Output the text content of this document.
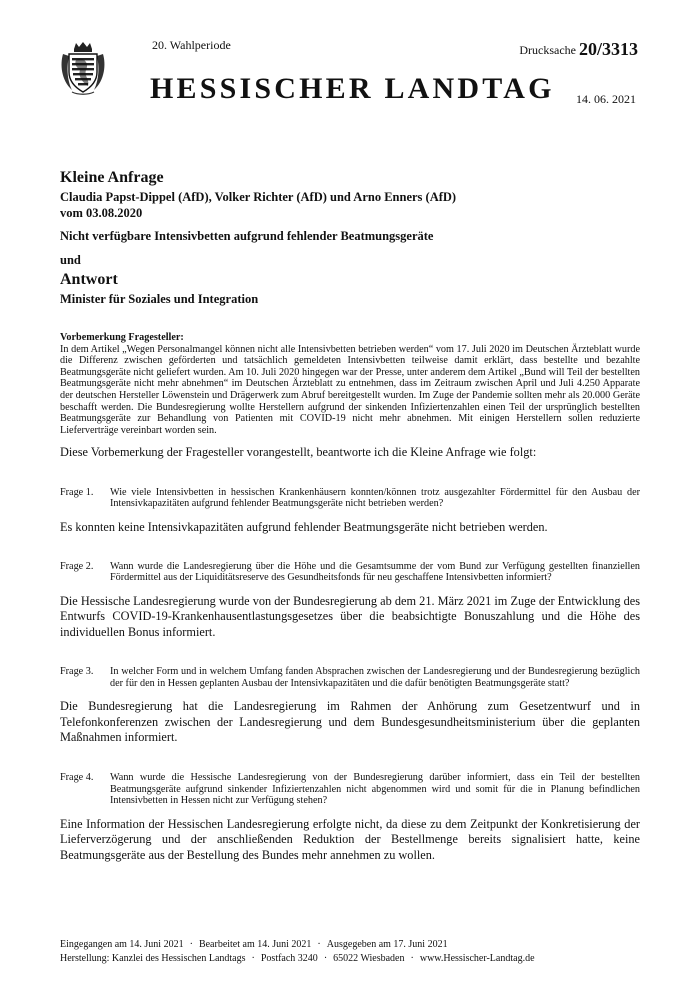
20. Wahlperiode
HESSISCHER LANDTAG
Drucksache 20/3313
14. 06. 2021

Kleine Anfrage

Claudia Papst-Dippel (AfD), Volker Richter (AfD) und Arno Enners (AfD)

vom 03.08.2020

Nicht verfügbare Intensivbetten aufgrund fehlender Beatmungsgeräte

und

Antwort

Minister für Soziales und Integration

Vorbemerkung Fragesteller:

In dem Artikel „Wegen Personalmangel können nicht alle Intensivbetten betrieben werden“ vom 17. Juli 2020 im Deutschen Ärzteblatt wurde die Differenz zwischen geförderten und tatsächlich gemeldeten Intensivbetten teilweise damit erklärt, dass bestellte und bezahlte Beatmungsgeräte nicht geliefert wurden. Am 10. Juli 2020 hingegen war der Presse, unter anderem dem Artikel „Bund will Teil der bestellten Beatmungsgeräte nicht mehr abnehmen“ im Deutschen Ärzteblatt zu entnehmen, dass im Zeitraum zwischen April und Juli 4.250 Apparate der deutschen Hersteller Löwenstein und Drägerwerk zum Abruf bereitgestellt wurden. Im Zuge der Pandemie sollten mehr als 20.000 Geräte beschafft werden. Die Bundesregierung wollte Herstellern aufgrund der sinkenden Infiziertenzahlen einen Teil der ursprünglich bestellten Beatmungsgeräte zur Behandlung von Patienten mit COVID-19 nicht mehr abnehmen. Mit einigen Herstellern sollen reduzierte Lieferverträge vereinbart worden sein.

Diese Vorbemerkung der Fragesteller vorangestellt, beantworte ich die Kleine Anfrage wie folgt:

Frage 1.	Wie viele Intensivbetten in hessischen Krankenhäusern konnten/können trotz ausgezahlter Fördermittel für den Ausbau der Intensivkapazitäten aufgrund fehlender Beatmungsgeräte nicht betrieben werden?

Es konnten keine Intensivkapazitäten aufgrund fehlender Beatmungsgeräte nicht betrieben werden.

Frage 2.	Wann wurde die Landesregierung über die Höhe und die Gesamtsumme der vom Bund zur Verfügung gestellten finanziellen Fördermittel aus der Liquiditätsreserve des Gesundheitsfonds für neu geschaffene Intensivbetten informiert?

Die Hessische Landesregierung wurde von der Bundesregierung ab dem 21. März 2021 im Zuge der Entwicklung des Entwurfs COVID-19-Krankenhausentlastungsgesetzes über die beabsichtigte Bonuszahlung und die Höhe des individuellen Bonus informiert.

Frage 3.	In welcher Form und in welchem Umfang fanden Absprachen zwischen der Landesregierung und der Bundesregierung bezüglich der für den in Hessen geplanten Ausbau der Intensivkapazitäten und die dafür benötigten Beatmungsgeräte statt?

Die Bundesregierung hat die Landesregierung im Rahmen der Anhörung zum Gesetzentwurf und in Telefonkonferenzen zwischen der Landesregierung und dem Bundesgesundheitsministerium über die geplanten Maßnahmen informiert.

Frage 4.	Wann wurde die Hessische Landesregierung von der Bundesregierung darüber informiert, dass ein Teil der bestellten Beatmungsgeräte aufgrund sinkender Infiziertenzahlen nicht abgenommen wird und somit für die in Planung befindlichen Intensivbetten in Hessen nicht zur Verfügung stehen?

Eine Information der Hessischen Landesregierung erfolgte nicht, da diese zu dem Zeitpunkt der Konkretisierung der Lieferverzögerung und der anschließenden Reduktion der Bestellmenge bereits signalisiert hatte, keine Beatmungsgeräte aus der Bestellung des Bundes mehr annehmen zu wollen.

Eingegangen am 14. Juni 2021 · Bearbeitet am 14. Juni 2021 · Ausgegeben am 17. Juni 2021
Herstellung: Kanzlei des Hessischen Landtags · Postfach 3240 · 65022 Wiesbaden · www.Hessischer-Landtag.de
